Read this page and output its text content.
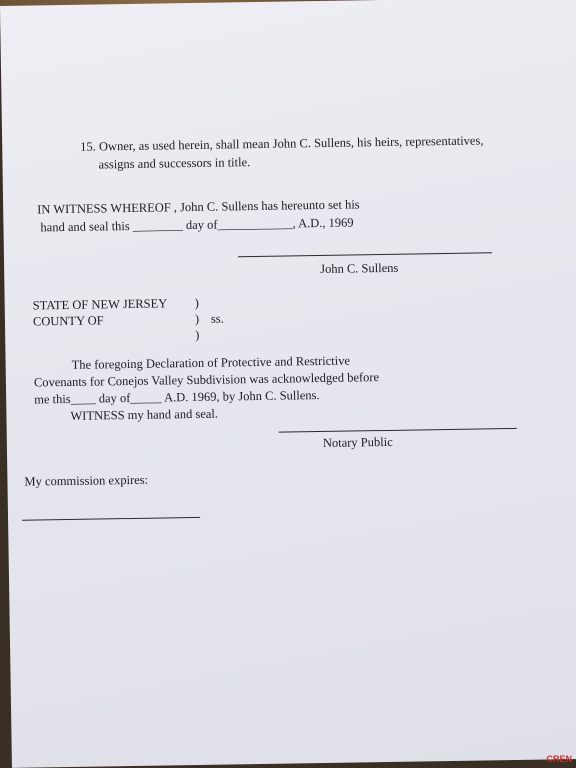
15. Owner, as used herein, shall mean John C. Sullens, his heirs, representatives,
assigns and successors in title.
IN WITNESS WHEREOF , John C. Sullens has hereunto set his
hand and seal this ________ day of____________, A.D., 1969
John C. Sullens
STATE OF NEW JERSEY )
COUNTY OF	) ss.
)
The foregoing Declaration of Protective and Restrictive
Covenants for Conejos Valley Subdivision was acknowledged before
me this____ day of_____ A.D. 1969, by John C. Sullens.
WITNESS my hand and seal.
Notary Public
My commission expires:
CREN
